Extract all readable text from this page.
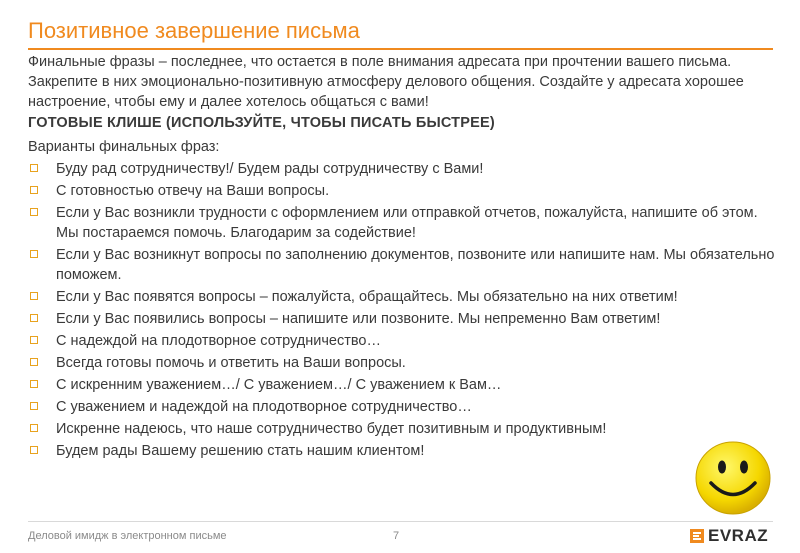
Позитивное завершение письма

Финальные фразы – последнее, что остается в поле внимания адресата при прочтении вашего письма. Закрепите в них эмоционально-позитивную атмосферу делового общения. Создайте у адресата хорошее настроение, чтобы ему и далее хотелось общаться с вами!

ГОТОВЫЕ КЛИШЕ (ИСПОЛЬЗУЙТЕ, ЧТОБЫ ПИСАТЬ БЫСТРЕЕ)

Варианты финальных фраз:

Буду рад сотрудничеству!/ Будем рады сотрудничеству с Вами!
С готовностью отвечу на Ваши вопросы.
Если у Вас возникли трудности с оформлением или отправкой отчетов, пожалуйста, напишите об этом. Мы постараемся помочь. Благодарим за содействие!
Если у Вас возникнут вопросы по заполнению документов, позвоните или напишите нам. Мы обязательно поможем.
Если у Вас появятся вопросы – пожалуйста, обращайтесь. Мы обязательно на них ответим!
Если у Вас появились вопросы – напишите или позвоните. Мы непременно Вам ответим!
С надеждой на плодотворное сотрудничество…
Всегда готовы помочь и ответить на Ваши вопросы.
С искренним уважением…/ С уважением…/ С уважением к Вам…
С уважением и надеждой на плодотворное сотрудничество…
Искренне надеюсь, что наше сотрудничество будет позитивным и продуктивным!
Будем рады Вашему решению стать нашим клиентом!
Деловой имидж в электронном письме	7	EVRAZ
